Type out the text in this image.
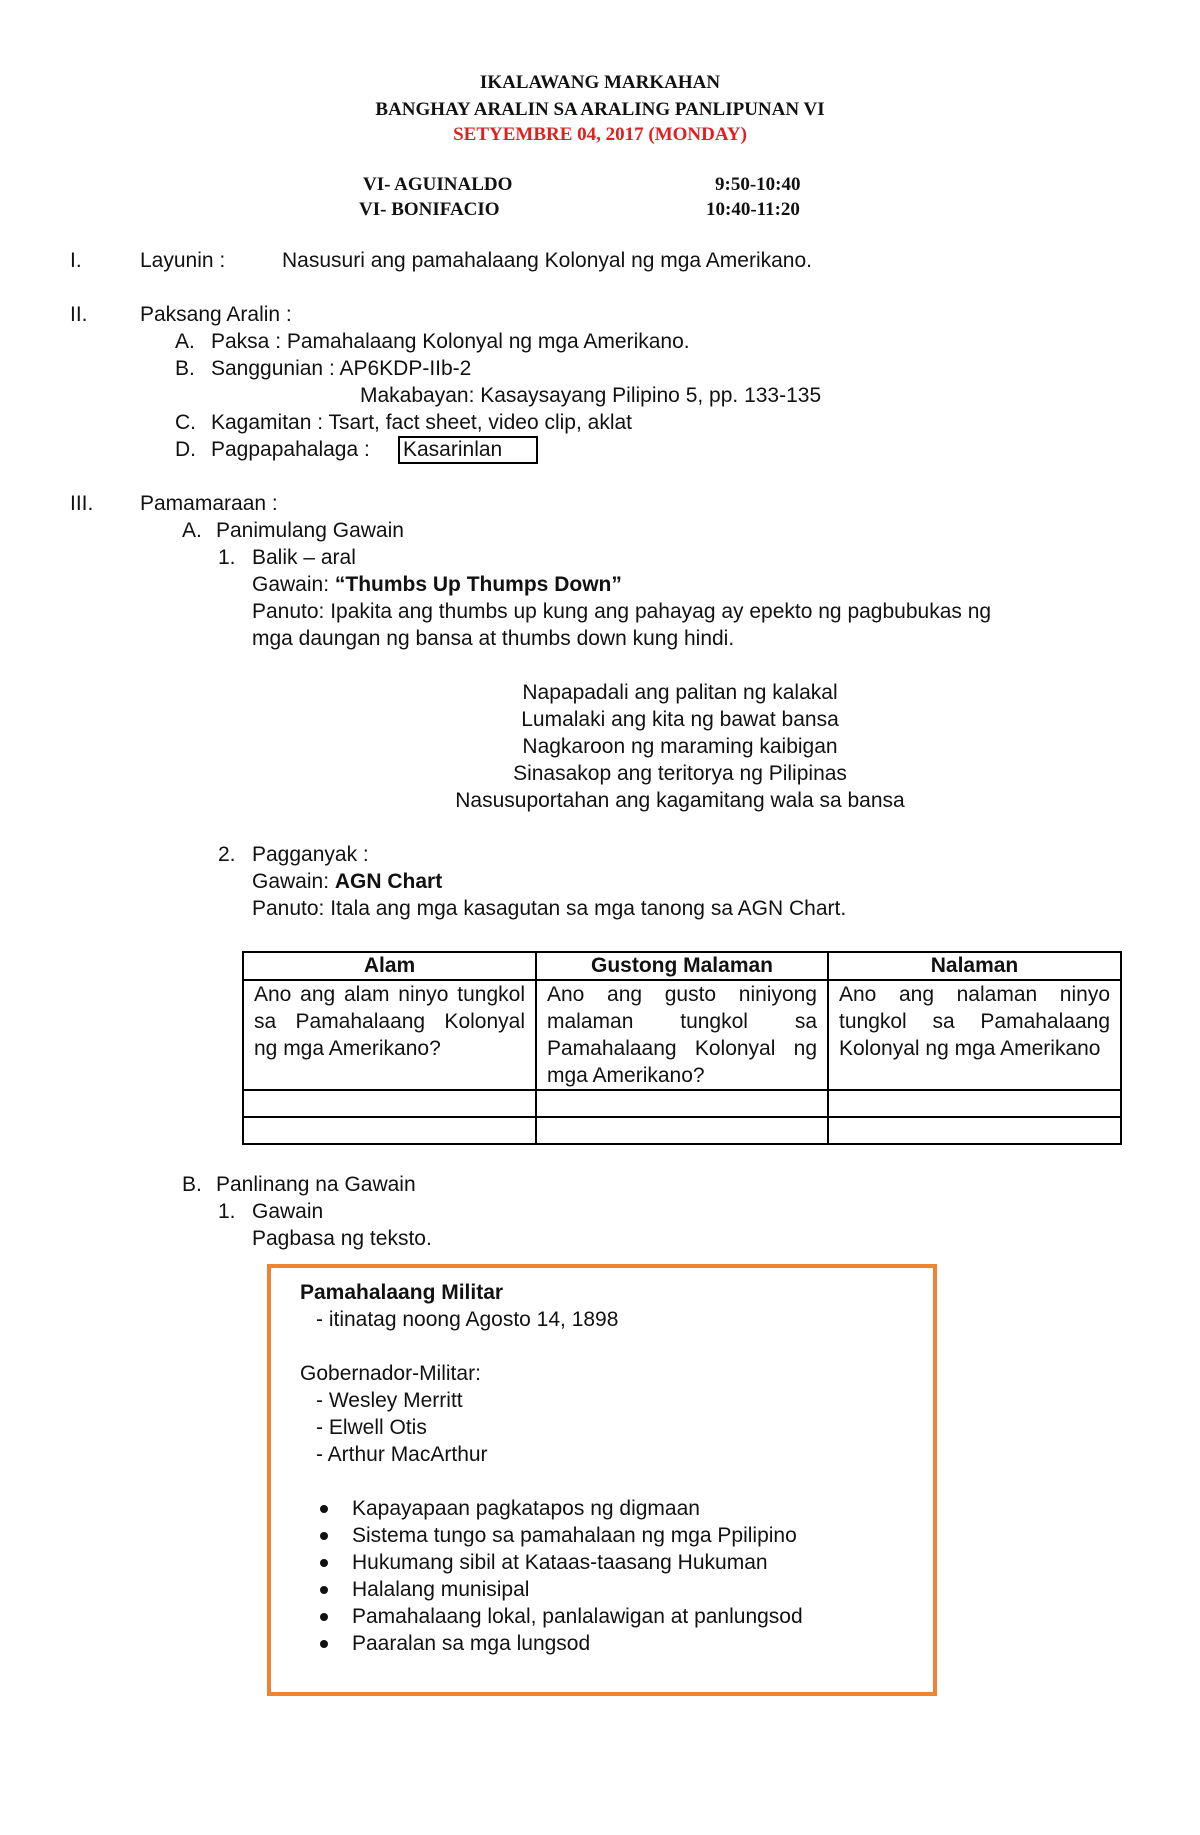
IKALAWANG MARKAHAN
BANGHAY ARALIN SA ARALING PANLIPUNAN VI
SETYEMBRE 04, 2017 (MONDAY)
VI- AGUINALDO	9:50-10:40
VI- BONIFACIO	10:40-11:20
I.	Layunin :	Nasusuri ang pamahalaang Kolonyal ng mga Amerikano.
II. Paksang Aralin :
A. Paksa : Pamahalaang Kolonyal ng mga Amerikano.
B. Sanggunian : AP6KDP-IIb-2
Makabayan: Kasaysayang Pilipino 5, pp. 133-135
C. Kagamitan : Tsart, fact sheet, video clip, aklat
D. Pagpapahalaga : Kasarinlan
III. Pamamaraan :
A. Panimulang Gawain
1. Balik – aral
Gawain: “Thumbs Up Thumps Down”
Panuto: Ipakita ang thumbs up kung ang pahayag ay epekto ng pagbubukas ng
mga daungan ng bansa at thumbs down kung hindi.
Napapadali ang palitan ng kalakal
Lumalaki ang kita ng bawat bansa
Nagkaroon ng maraming kaibigan
Sinasakop ang teritorya ng Pilipinas
Nasusuportahan ang kagamitang wala sa bansa
2. Pagganyak :
Gawain: AGN Chart
Panuto: Itala ang mga kasagutan sa mga tanong sa AGN Chart.
Alam	Gustong Malaman	Nalaman
Ano ang alam ninyo tungkol sa Pamahalaang Kolonyal ng mga Amerikano?	Ano ang gusto niniyong malaman tungkol sa Pamahalaang Kolonyal ng mga Amerikano?	Ano ang nalaman ninyo tungkol sa Pamahalaang Kolonyal ng mga Amerikano

B. Panlinang na Gawain
1. Gawain
Pagbasa ng teksto.
Pamahalaang Militar
- itinatag noong Agosto 14, 1898
Gobernador-Militar:
- Wesley Merritt
- Elwell Otis
- Arthur MacArthur
Kapayapaan pagkatapos ng digmaan
Sistema tungo sa pamahalaan ng mga Ppilipino
Hukumang sibil at Kataas-taasang Hukuman
Halalang munisipal
Pamahalaang lokal, panlalawigan at panlungsod
Paaralan sa mga lungsod
